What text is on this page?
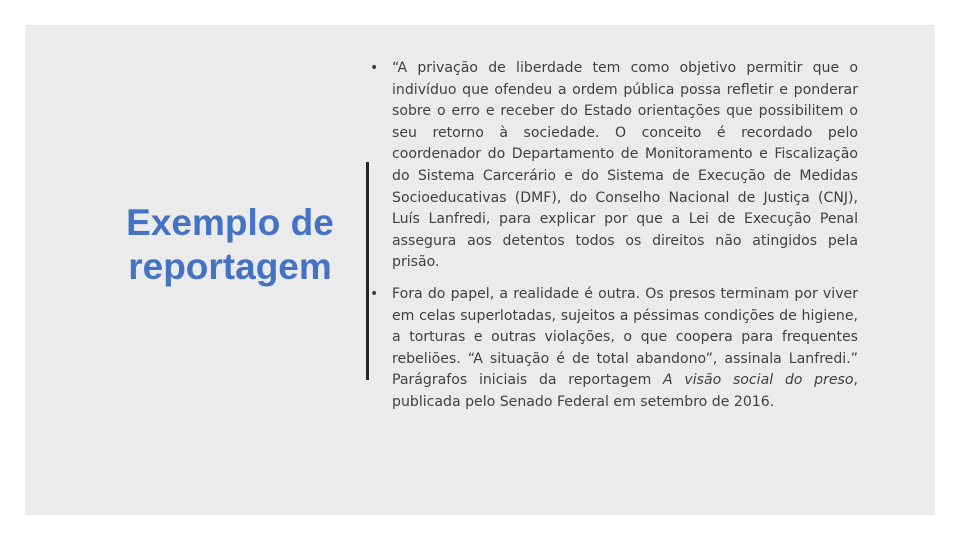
Exemplo de
reportagem
• “A privação de liberdade tem como objetivo permitir que o indivíduo que ofendeu a ordem pública possa refletir e ponderar sobre o erro e receber do Estado orientações que possibilitem o seu retorno à sociedade. O conceito é recordado pelo coordenador do Departamento de Monitoramento e Fiscalização do Sistema Carcerário e do Sistema de Execução de Medidas Socioeducativas (DMF), do Conselho Nacional de Justiça (CNJ), Luís Lanfredi, para explicar por que a Lei de Execução Penal assegura aos detentos todos os direitos não atingidos pela prisão.
• Fora do papel, a realidade é outra. Os presos terminam por viver em celas superlotadas, sujeitos a péssimas condições de higiene, a torturas e outras violações, o que coopera para frequentes rebeliões. “A situação é de total abandono”, assinala Lanfredi.” Parágrafos iniciais da reportagem A visão social do preso, publicada pelo Senado Federal em setembro de 2016.
